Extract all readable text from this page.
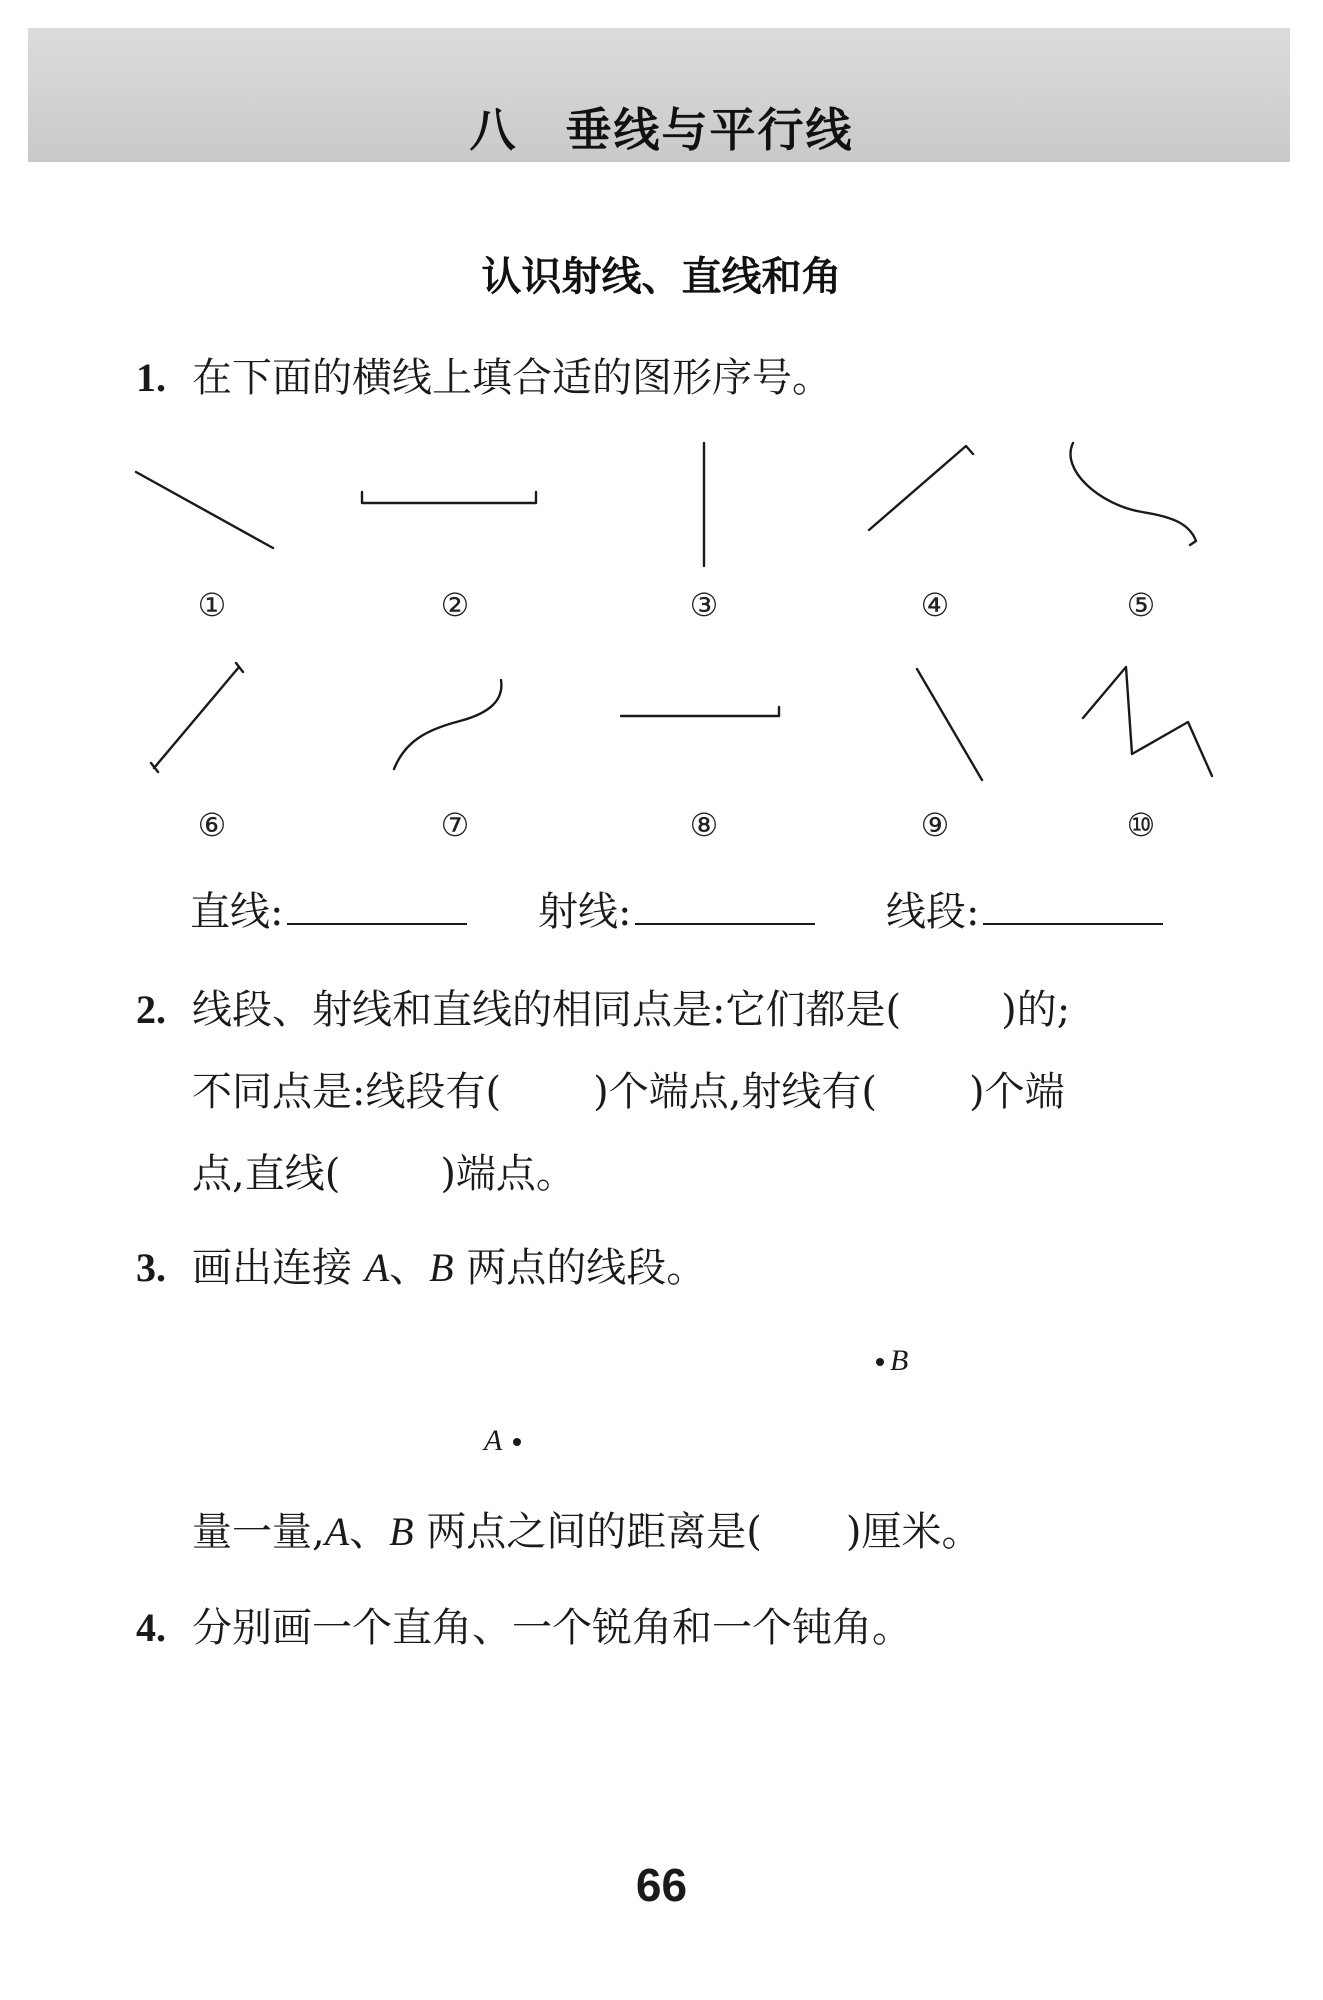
八 垂线与平行线
认识射线、直线和角
1. 在下面的横线上填合适的图形序号。
①	②	③	④	⑤
⑥	⑦	⑧	⑨	⑩
直线:	射线:	线段:
2. 线段、射线和直线的相同点是:它们都是(	)的;
不同点是:线段有( )个端点,射线有( )个端
点,直线(	)端点。
3. 画出连接 A、B 两点的线段。
B
A
量一量,A、B 两点之间的距离是( )厘米。
4. 分别画一个直角、一个锐角和一个钝角。
66
